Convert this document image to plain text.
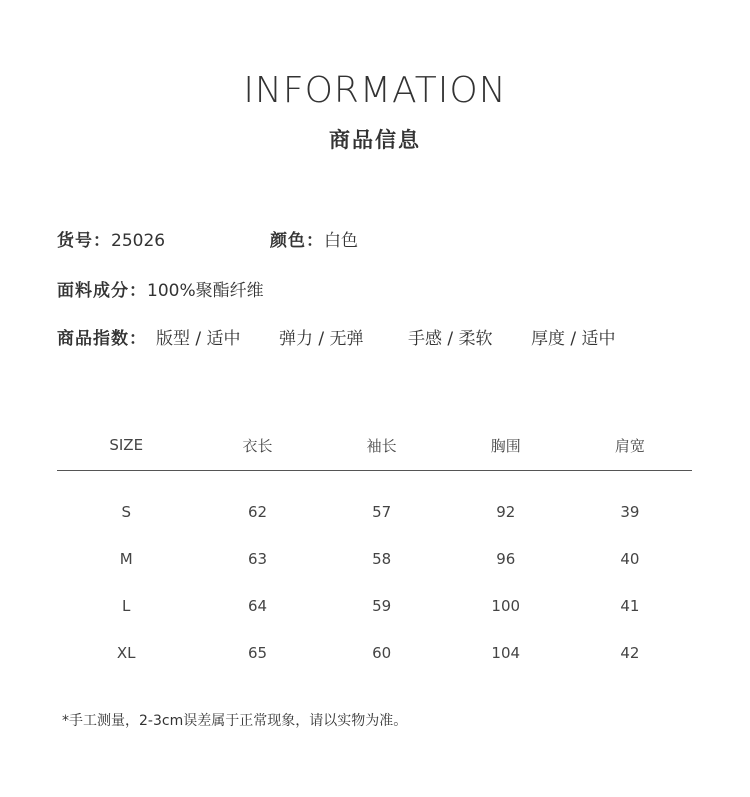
INFORMATION
商品信息
货号：25026	颜色：白色
面料成分：100%聚酯纤维
商品指数： 版型 / 适中 弹力 / 无弹	手感 / 柔软 厚度 / 适中
SIZE	衣长	袖长	胸围	肩宽
S	62	57	92	39
M	63	58	96	40
L	64	59	100	41
XL	65	60	104	42
*手工测量，2-3cm误差属于正常现象，请以实物为准。
